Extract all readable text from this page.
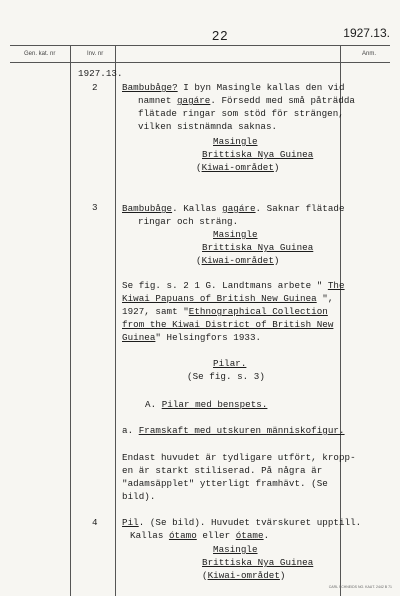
22	1927.13.
Gen. kat. nr	Inv. nr	Anm.
1927.13.
2	Bambubåge? I byn Masingle kallas den vid
namnet gagáre. Försedd med små påträdda
flätade ringar som stöd för strängen,
vilken sistnämnda saknas.
Masingle
Brittiska Nya Guinea
(Kiwai-området)
3	Bambubåge. Kallas gagáre. Saknar flätade
ringar och sträng.
Masingle
Brittiska Nya Guinea
(Kiwai-området)
Se fig. s. 2 1 G. Landtmans arbete " The
Kiwai Papuans of British New Guinea ",
1927, samt "Ethnographical Collection
from the Kiwai District of British New
Guinea" Helsingfors 1933.
Pilar.
(Se fig. s. 3)
A. Pilar med benspets.
a. Framskaft med utskuren människofigur.
Endast huvudet är tydligare utfört, kropp-
en är starkt stiliserad. På några är
"adamsäpplet" ytterligt framhävt. (Se
bild).
4	Pil. (Se bild). Huvudet tvärskuret upptill.
Kallas ótamo eller ótame.
Masingle
Brittiska Nya Guinea
(Kiwai-området)
CARL SCHNEIDS NO. KAUT. 2442 B 71
